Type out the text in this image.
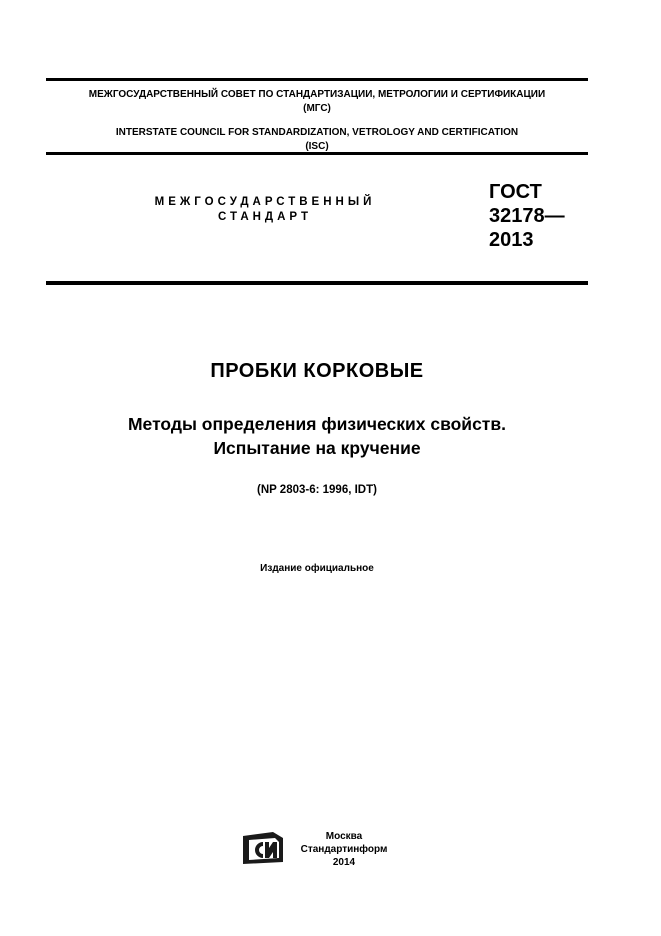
МЕЖГОСУДАРСТВЕННЫЙ СОВЕТ ПО СТАНДАРТИЗАЦИИ, МЕТРОЛОГИИ И СЕРТИФИКАЦИИ
(МГС)
INTERSTATE COUNCIL FOR STANDARDIZATION, VETROLOGY AND CERTIFICATION
(ISC)
МЕЖГОСУДАРСТВЕННЫЙ
СТАНДАРТ
ГОСТ
32178—
2013
ПРОБКИ КОРКОВЫЕ
Методы определения физических свойств.
Испытание на кручение
(NP 2803-6: 1996, IDT)
Издание официальное
Москва
Стандартинформ
2014
